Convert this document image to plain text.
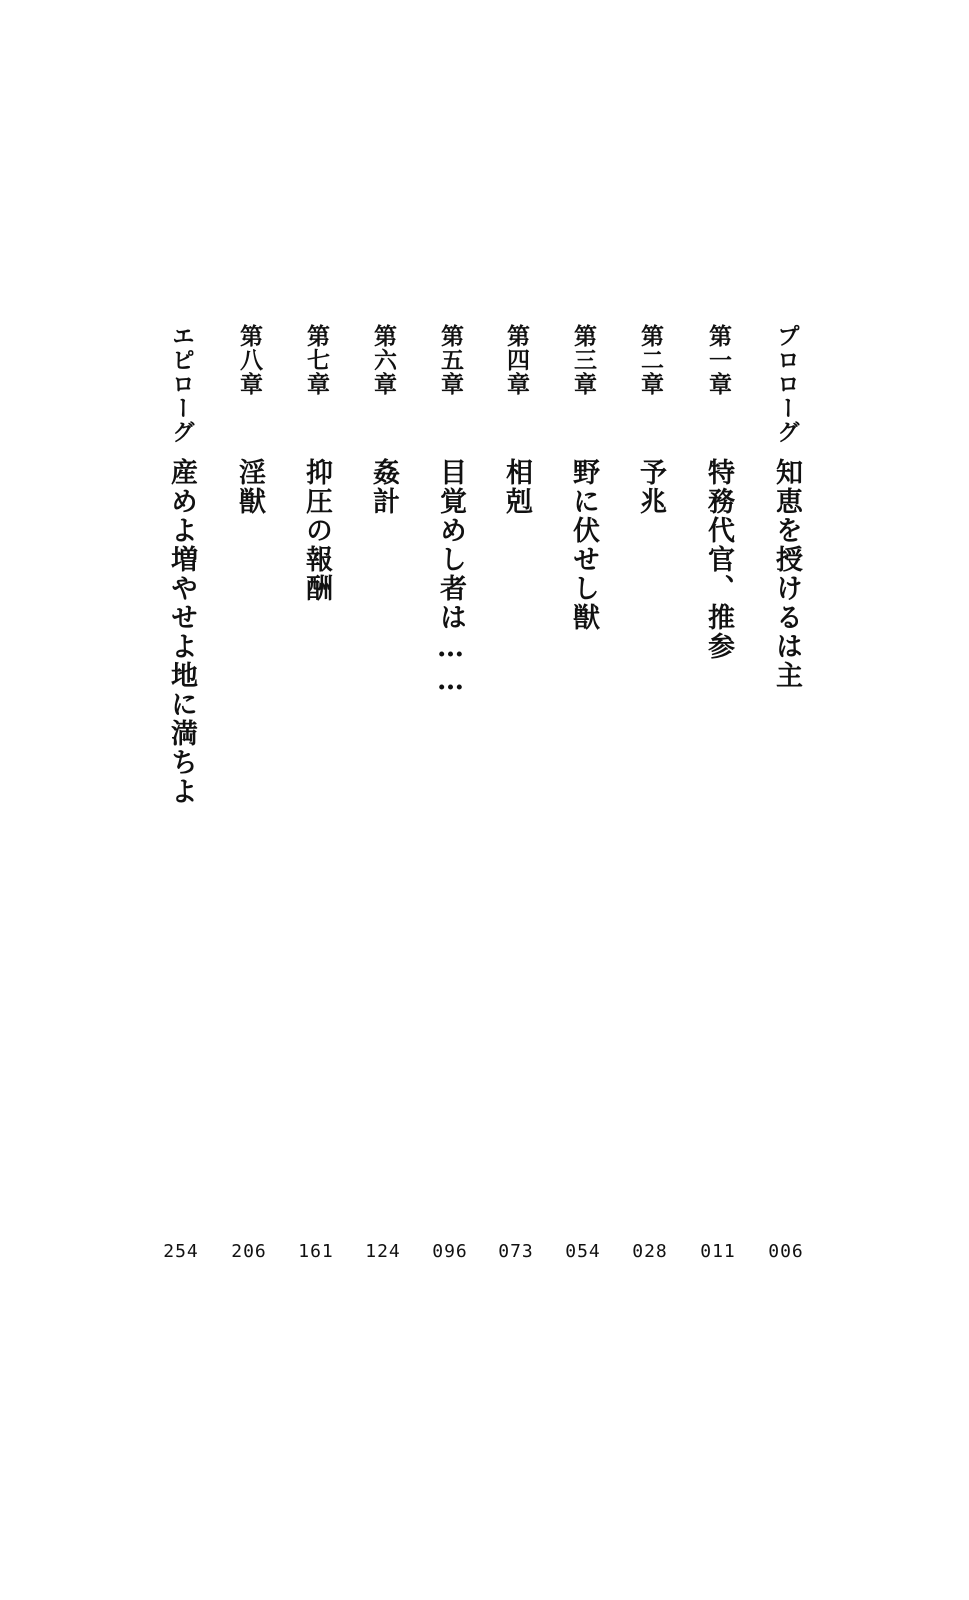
プロローグ
知恵を授けるは主
006
第一章
特務代官、推参
011
第二章
予兆
028
第三章
野に伏せし獣
054
第四章
相剋
073
第五章
目覚めし者は……
096
第六章
姦計
124
第七章
抑圧の報酬
161
第八章
淫獣
206
エピローグ
産めよ増やせよ地に満ちよ
254
